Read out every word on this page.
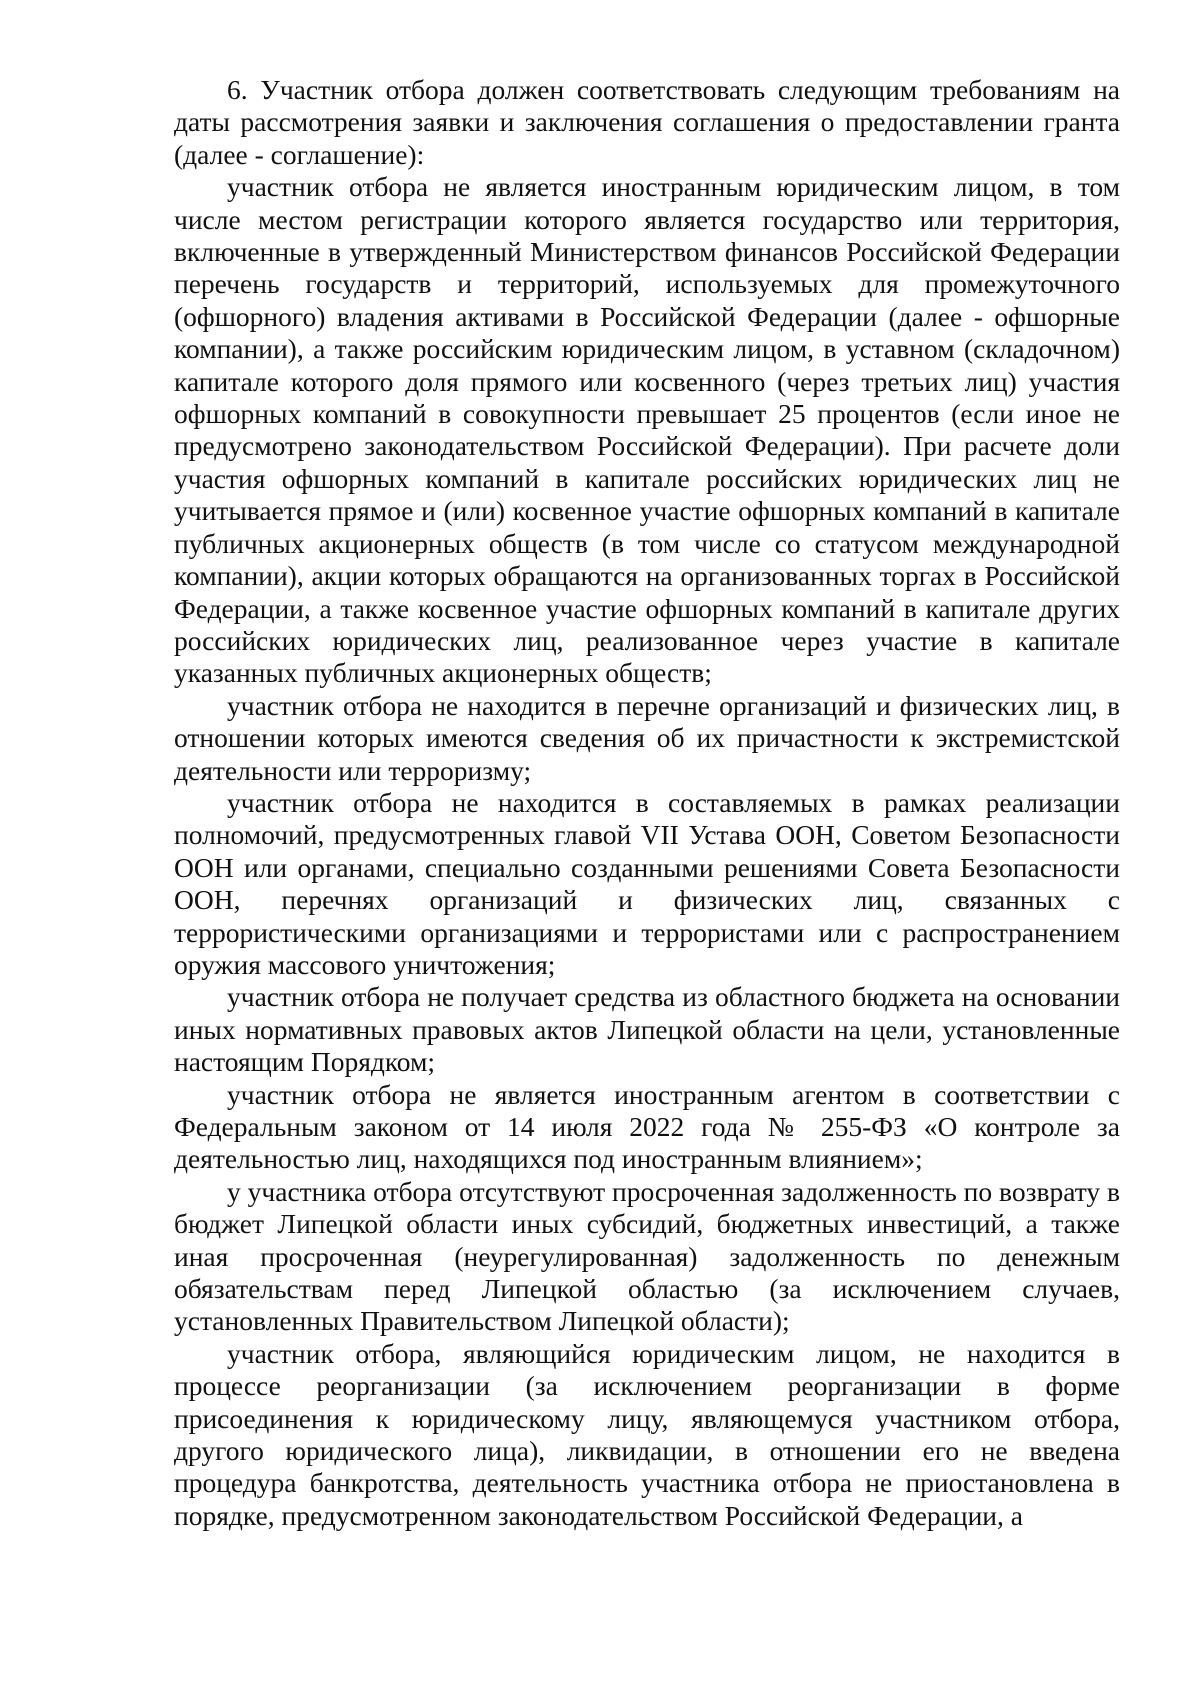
6. Участник отбора должен соответствовать следующим требованиям на даты рассмотрения заявки и заключения соглашения о предоставлении гранта (далее - соглашение):

участник отбора не является иностранным юридическим лицом, в том числе местом регистрации которого является государство или территория, включенные в утвержденный Министерством финансов Российской Федерации перечень государств и территорий, используемых для промежуточного (офшорного) владения активами в Российской Федерации (далее - офшорные компании), а также российским юридическим лицом, в уставном (складочном) капитале которого доля прямого или косвенного (через третьих лиц) участия офшорных компаний в совокупности превышает 25 процентов (если иное не предусмотрено законодательством Российской Федерации). При расчете доли участия офшорных компаний в капитале российских юридических лиц не учитывается прямое и (или) косвенное участие офшорных компаний в капитале публичных акционерных обществ (в том числе со статусом международной компании), акции которых обращаются на организованных торгах в Российской Федерации, а также косвенное участие офшорных компаний в капитале других российских юридических лиц, реализованное через участие в капитале указанных публичных акционерных обществ;

участник отбора не находится в перечне организаций и физических лиц, в отношении которых имеются сведения об их причастности к экстремистской деятельности или терроризму;

участник отбора не находится в составляемых в рамках реализации полномочий, предусмотренных главой VII Устава ООН, Советом Безопасности ООН или органами, специально созданными решениями Совета Безопасности ООН, перечнях организаций и физических лиц, связанных с террористическими организациями и террористами или с распространением оружия массового уничтожения;

участник отбора не получает средства из областного бюджета на основании иных нормативных правовых актов Липецкой области на цели, установленные настоящим Порядком;

участник отбора не является иностранным агентом в соответствии с Федеральным законом от 14 июля 2022 года № 255-ФЗ «О контроле за деятельностью лиц, находящихся под иностранным влиянием»;

у участника отбора отсутствуют просроченная задолженность по возврату в бюджет Липецкой области иных субсидий, бюджетных инвестиций, а также иная просроченная (неурегулированная) задолженность по денежным обязательствам перед Липецкой областью (за исключением случаев, установленных Правительством Липецкой области);

участник отбора, являющийся юридическим лицом, не находится в процессе реорганизации (за исключением реорганизации в форме присоединения к юридическому лицу, являющемуся участником отбора, другого юридического лица), ликвидации, в отношении его не введена процедура банкротства, деятельность участника отбора не приостановлена в порядке, предусмотренном законодательством Российской Федерации, а
